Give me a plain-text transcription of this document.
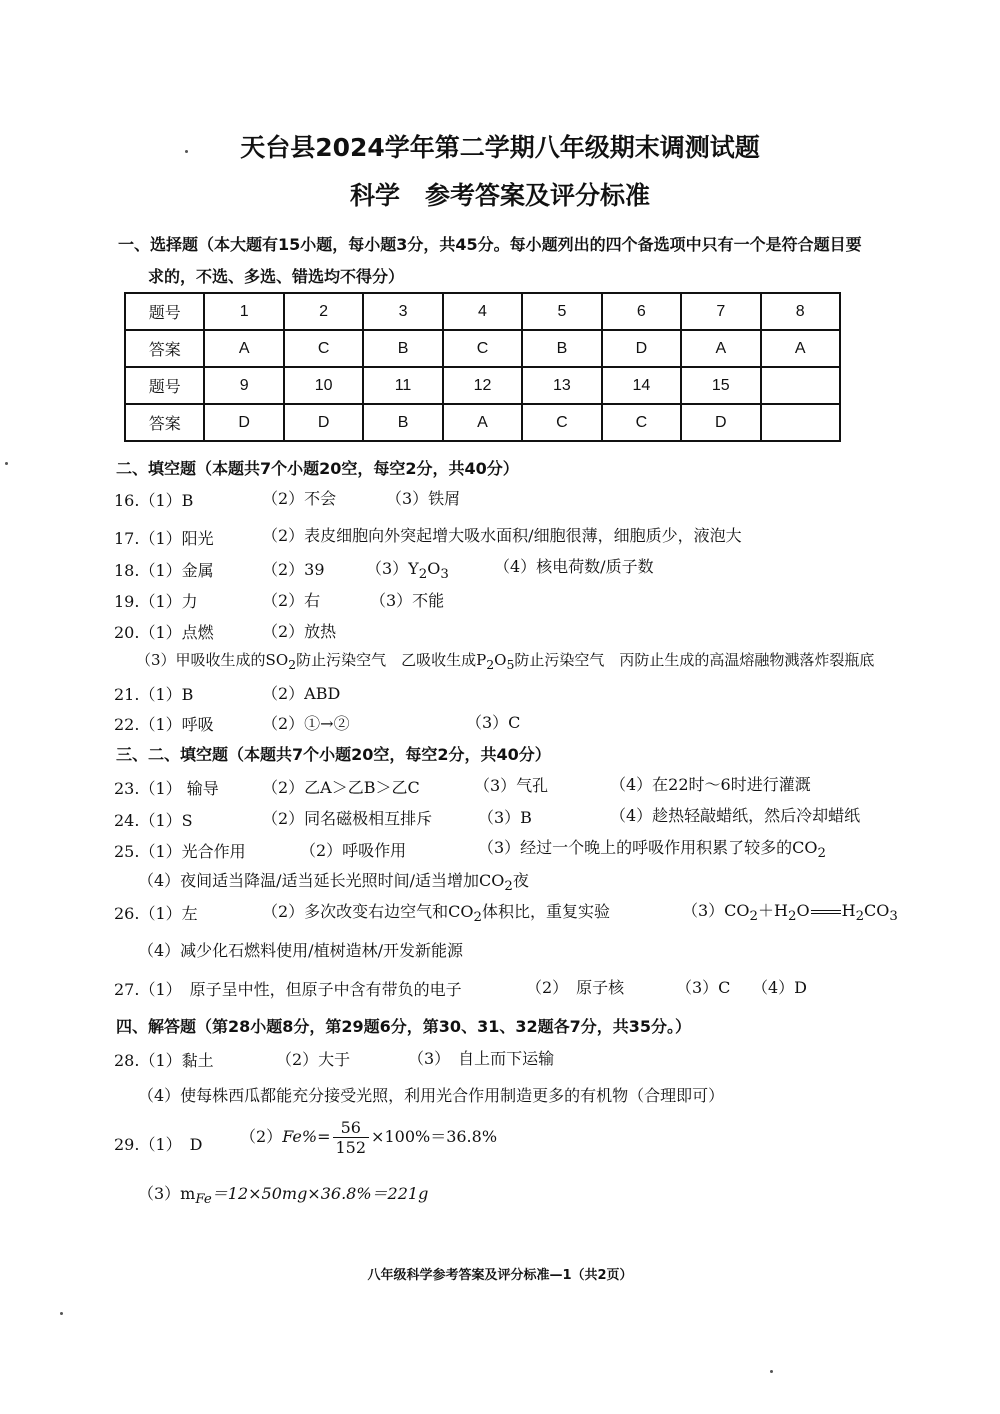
天台县2024学年第二学期八年级期末调测试题
科学　参考答案及评分标准
一、选择题（本大题有15小题，每小题3分，共45分。每小题列出的四个备选项中只有一个是符合题目要
求的，不选、多选、错选均不得分）
题号	1	2	3	4	5	6	7	8
答案	A	C	B	C	B	D	A	A
题号	9	10	11	12	13	14	15	
答案	D	D	B	A	C	C	D	
二、填空题（本题共7个小题20空，每空2分，共40分）
16.（1）B	（2）不会	（3）铁屑
17.（1）阳光	（2）表皮细胞向外突起增大吸水面积/细胞很薄，细胞质少，液泡大
18.（1）金属	（2）39	$(3)Y_2O_3$	（4）核电荷数/质子数
19.（1）力	（2）右	（3）不能
20.（1）点燃	（2）放热
（3）甲吸收生成的$SO_2$防止污染空气　乙吸收生成$P_2O_5$防止污染空气　丙防止生成的高温熔融物溅落炸裂瓶底
21.（1）B	（2）ABD
22.（1）呼吸	（2）①→②	（3）C
三、二、填空题（本题共7个小题20空，每空2分，共40分）
23.（1） 输导	（2）乙A＞乙B＞乙C	（3）气孔	（4）在22时～6时进行灌溉
24.（1）S	（2）同名磁极相互排斥	（3）B	（4）趁热轻敲蜡纸，然后冷却蜡纸
25.（1）光合作用	（2）呼吸作用	（3）经过一个晚上的呼吸作用积累了较多的$CO_2$
（4）夜间适当降温/适当延长光照时间/适当增加$CO_2$夜
26.（1）左	（2）多次改变右边空气和$CO_2$体积比，重复实验	$(3)CO_2+H_2O$ $H_2CO_3$
（4）减少化石燃料使用/植树造林/开发新能源
27.（1）　原子呈中性，但原子中含有带负的电子	（2）　原子核	（3）C （4）D
四、解答题（第28小题8分，第29题6分，第30、31、32题各7分，共35分。）
28.（1）黏土	（2）大于	（3）　自上而下运输
（4）使每株西瓜都能充分接受光照，利用光合作用制造更多的有机物（合理即可）
29.（1）　D $(2)Fe\%= \frac{56}{152} \times 100\%=36.8\%$
$(3)m_{Fe}=12\times 50mg\times 36.8\%=221g$
八年级科学参考答案及评分标准—1（共2页）
